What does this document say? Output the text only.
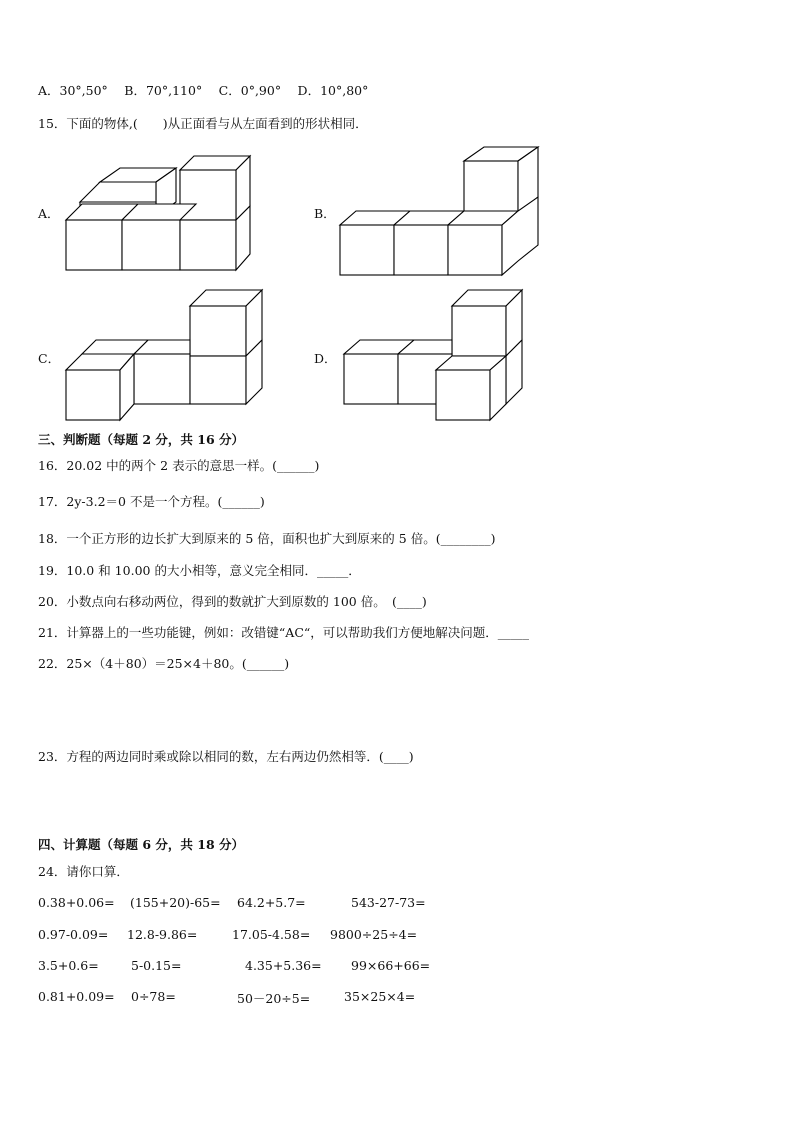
A．30°,50°　 B．70°,110°　 C．0°,90°　 D．10°,80°
15．下面的物体,(　　)从正面看与从左面看到的形状相同．
A．	B．
C．	D．
三、判断题（每题 2 分，共 16 分）
16．20.02 中的两个 2 表示的意思一样。(______)
17．2y-3.2＝0 不是一个方程。(______)
18．一个正方形的边长扩大到原来的 5 倍，面积也扩大到原来的 5 倍。(________)
19．10.0 和 10.00 的大小相等，意义完全相同．_____．
20．小数点向右移动两位，得到的数就扩大到原数的 100 倍。　(____)
21．计算器上的一些功能键，例如：改错键“AC“，可以帮助我们方便地解决问题．_____
22．25×（4＋80）＝25×4＋80。(______)
23．方程的两边同时乘或除以相同的数，左右两边仍然相等．(____)
四、计算题（每题 6 分，共 18 分）
24．请你口算．
0.38+0.06= (155+20)-65= 64.2+5.7=	543-27-73=
0.97-0.09= 12.8-9.86=	17.05-4.58= 9800÷25÷4=
3.5+0.6=	5-0.15=	4.35+5.36= 99×66+66=
0.81+0.09= 0÷78=	50－20÷5=	35×25×4=
